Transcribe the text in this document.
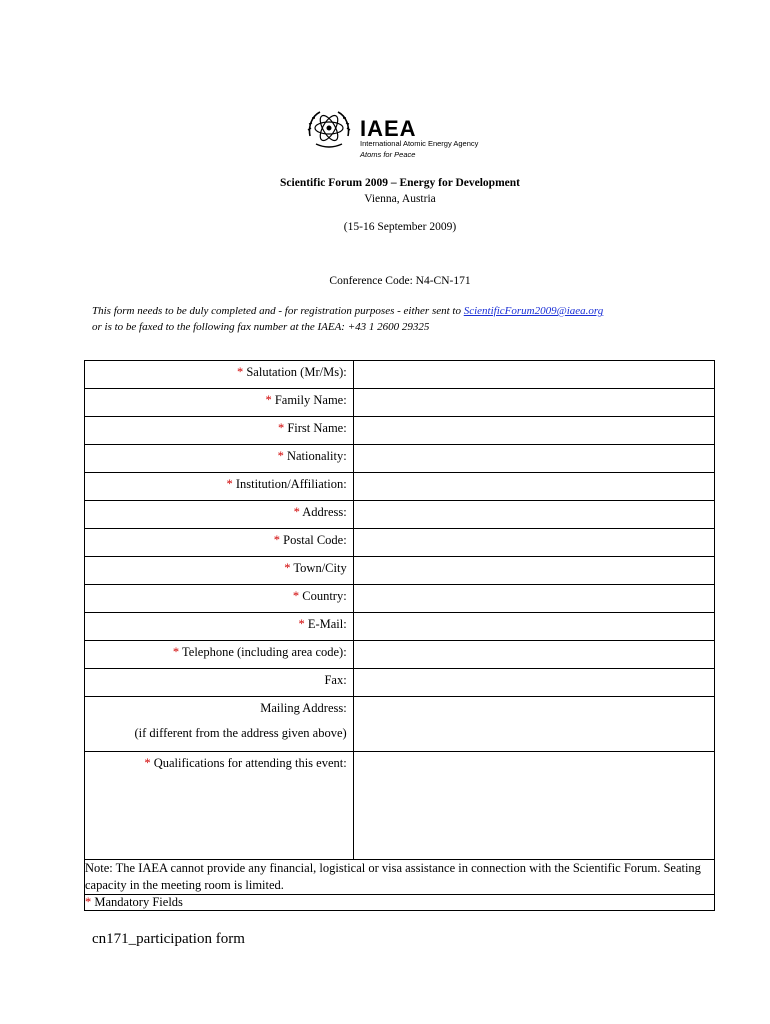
IAEA
International Atomic Energy Agency
Atoms for Peace
Scientific Forum 2009 – Energy for Development
Vienna, Austria
(15-16 September 2009)
Conference Code: N4-CN-171
This form needs to be duly completed and - for registration purposes - either sent to ScientificForum2009@iaea.org
or is to be faxed to the following fax number at the IAEA: +43 1 2600 29325
* Salutation (Mr/Ms):	
* Family Name:	
* First Name:	
* Nationality:	
* Institution/Affiliation:	
* Address:	
* Postal Code:	
* Town/City	
* Country:	
* E-Mail:	
* Telephone (including area code):	
Fax:	
Mailing Address:
(if different from the address given above)	

* Qualifications for attending this event:	
Note: The IAEA cannot provide any financial, logistical or visa assistance in connection with the Scientific Forum. Seating capacity in the meeting room is limited.	
* Mandatory Fields	
cn171_participation form
